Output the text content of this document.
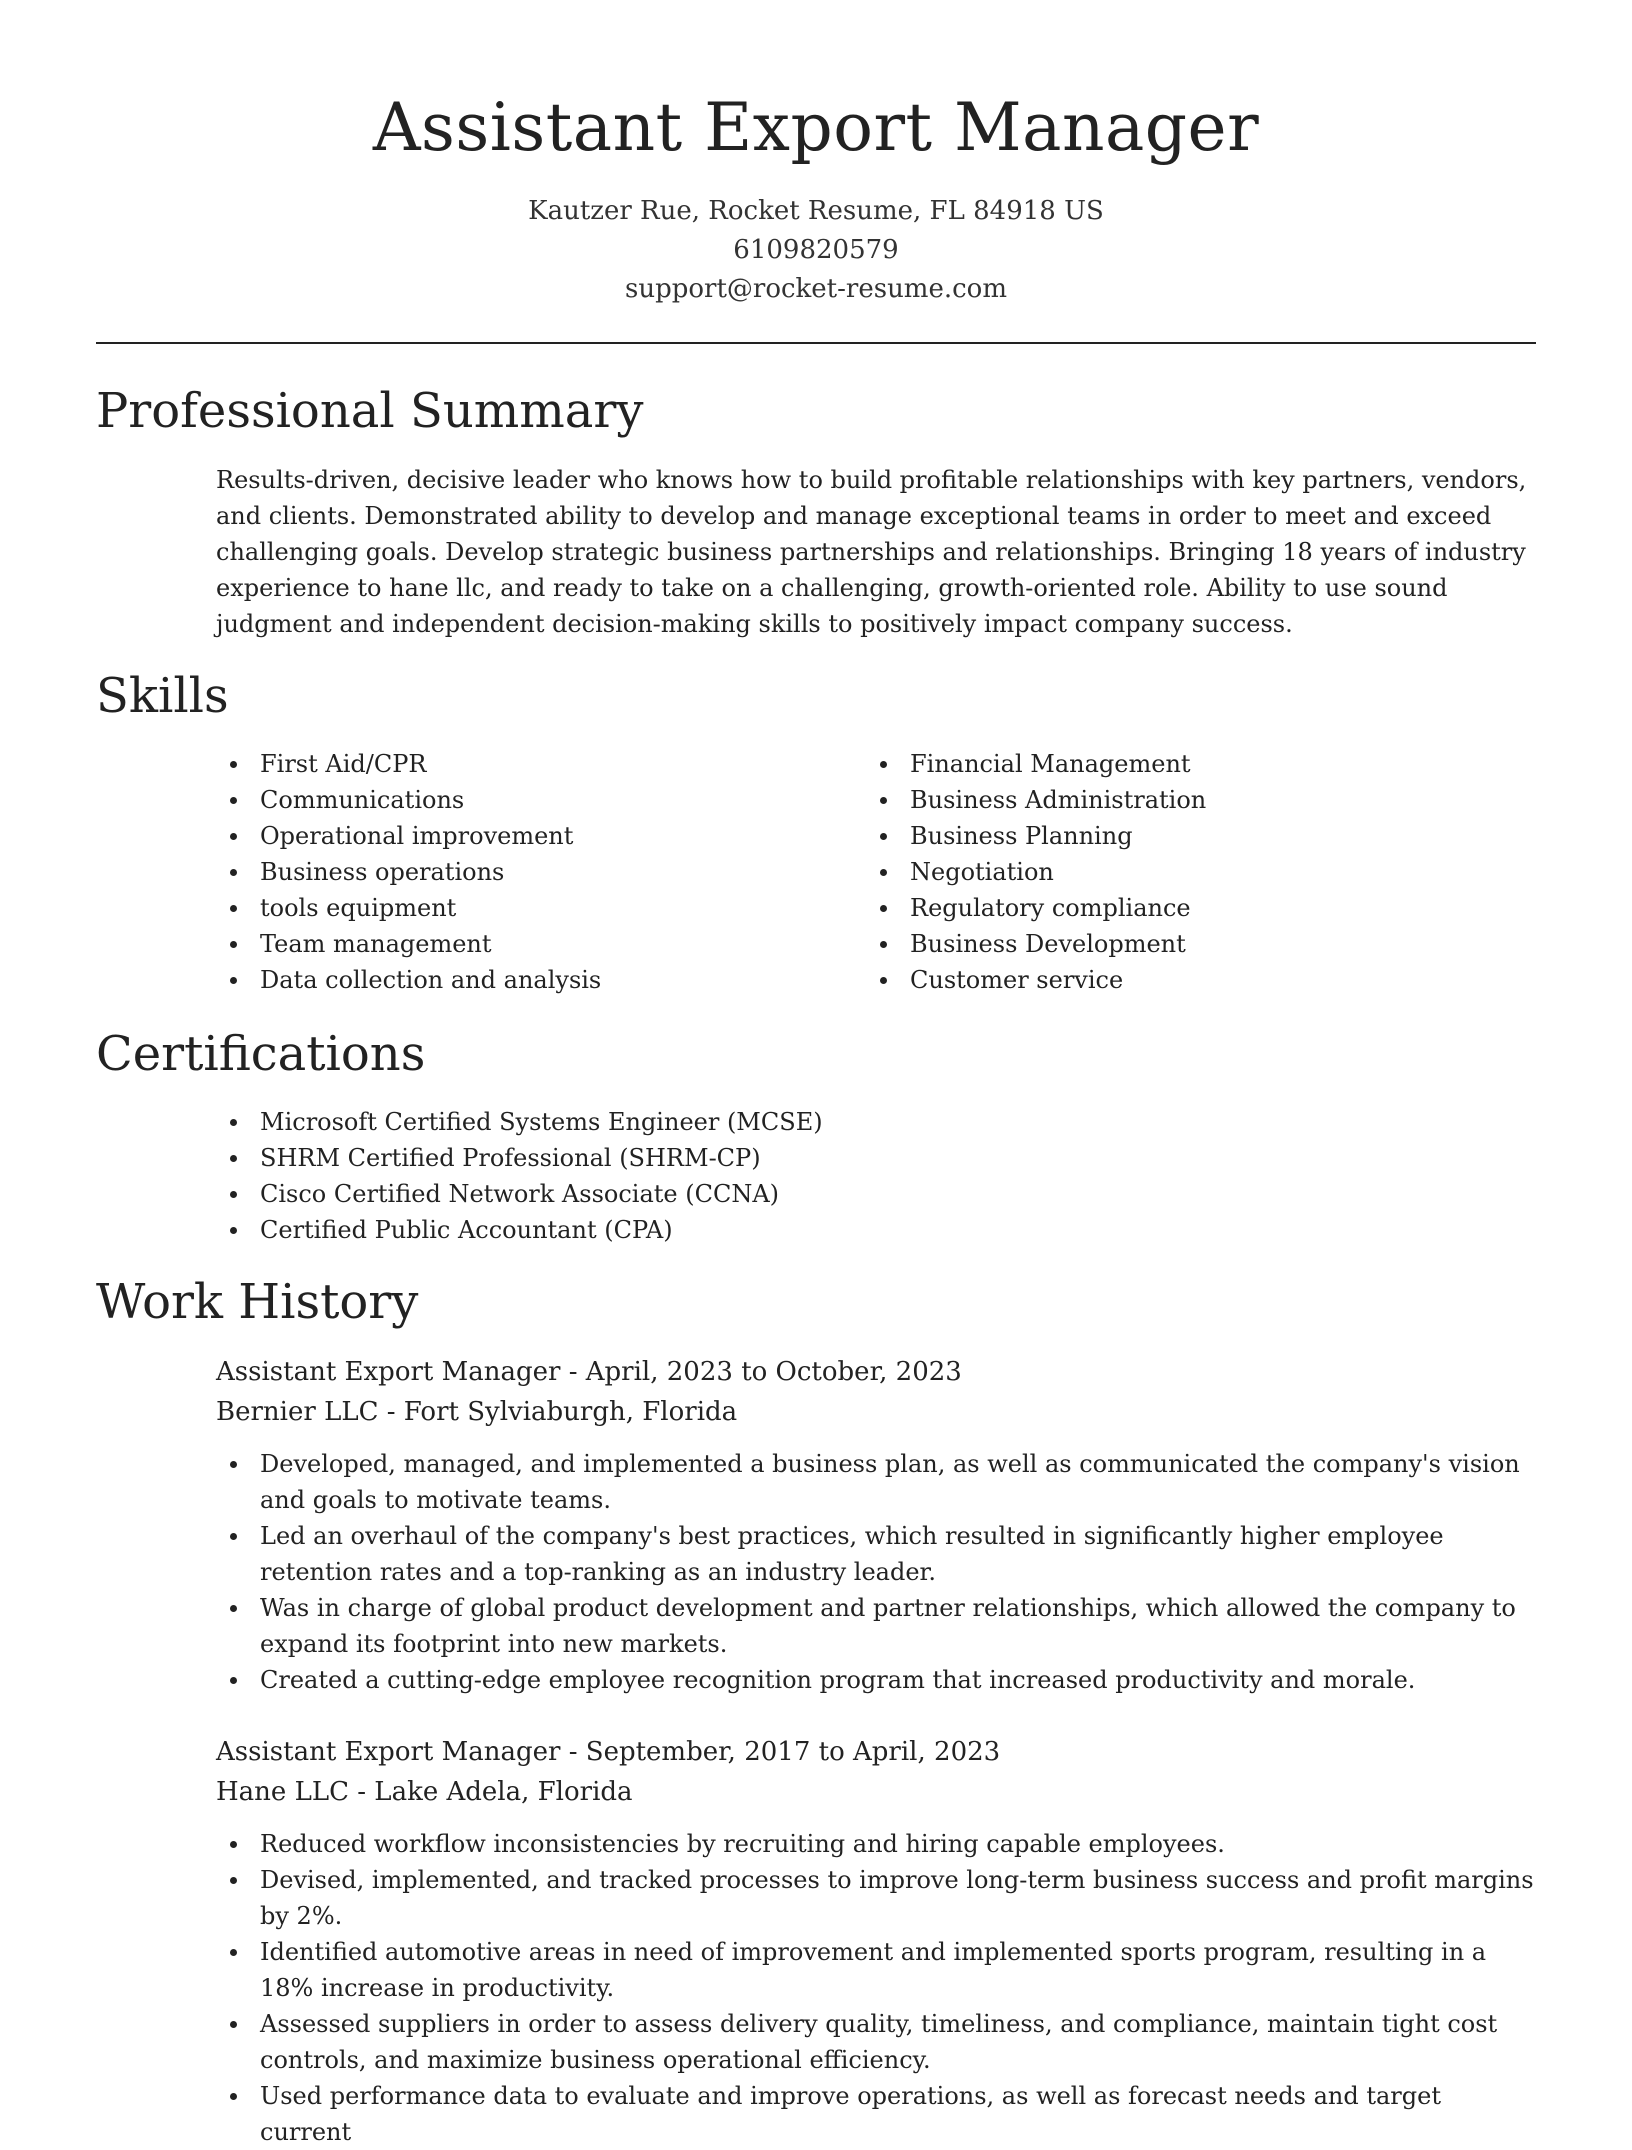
Assistant Export Manager
Kautzer Rue, Rocket Resume, FL 84918 US
6109820579
support@rocket-resume.com
Professional Summary

Results-driven, decisive leader who knows how to build profitable relationships with key partners, vendors, and clients. Demonstrated ability to develop and manage exceptional teams in order to meet and exceed challenging goals. Develop strategic business partnerships and relationships. Bringing 18 years of industry experience to hane llc, and ready to take on a challenging, growth-oriented role. Ability to use sound judgment and independent decision-making skills to positively impact company success.

Skills
First Aid/CPR
Communications
Operational improvement
Business operations
tools equipment
Team management
Data collection and analysis
Financial Management
Business Administration
Business Planning
Negotiation
Regulatory compliance
Business Development
Customer service
Certifications
Microsoft Certified Systems Engineer (MCSE)
SHRM Certified Professional (SHRM-CP)
Cisco Certified Network Associate (CCNA)
Certified Public Accountant (CPA)
Work History
Assistant Export Manager - April, 2023 to October, 2023
Bernier LLC - Fort Sylviaburgh, Florida
Developed, managed, and implemented a business plan, as well as communicated the company's vision and goals to motivate teams.
Led an overhaul of the company's best practices, which resulted in significantly higher employee retention rates and a top-ranking as an industry leader.
Was in charge of global product development and partner relationships, which allowed the company to expand its footprint into new markets.
Created a cutting-edge employee recognition program that increased productivity and morale.
Assistant Export Manager - September, 2017 to April, 2023
Hane LLC - Lake Adela, Florida
Reduced workflow inconsistencies by recruiting and hiring capable employees.
Devised, implemented, and tracked processes to improve long-term business success and profit margins by 2%.
Identified automotive areas in need of improvement and implemented sports program, resulting in a 18% increase in productivity.
Assessed suppliers in order to assess delivery quality, timeliness, and compliance, maintain tight cost controls, and maximize business operational efficiency.
Used performance data to evaluate and improve operations, as well as forecast needs and target current
